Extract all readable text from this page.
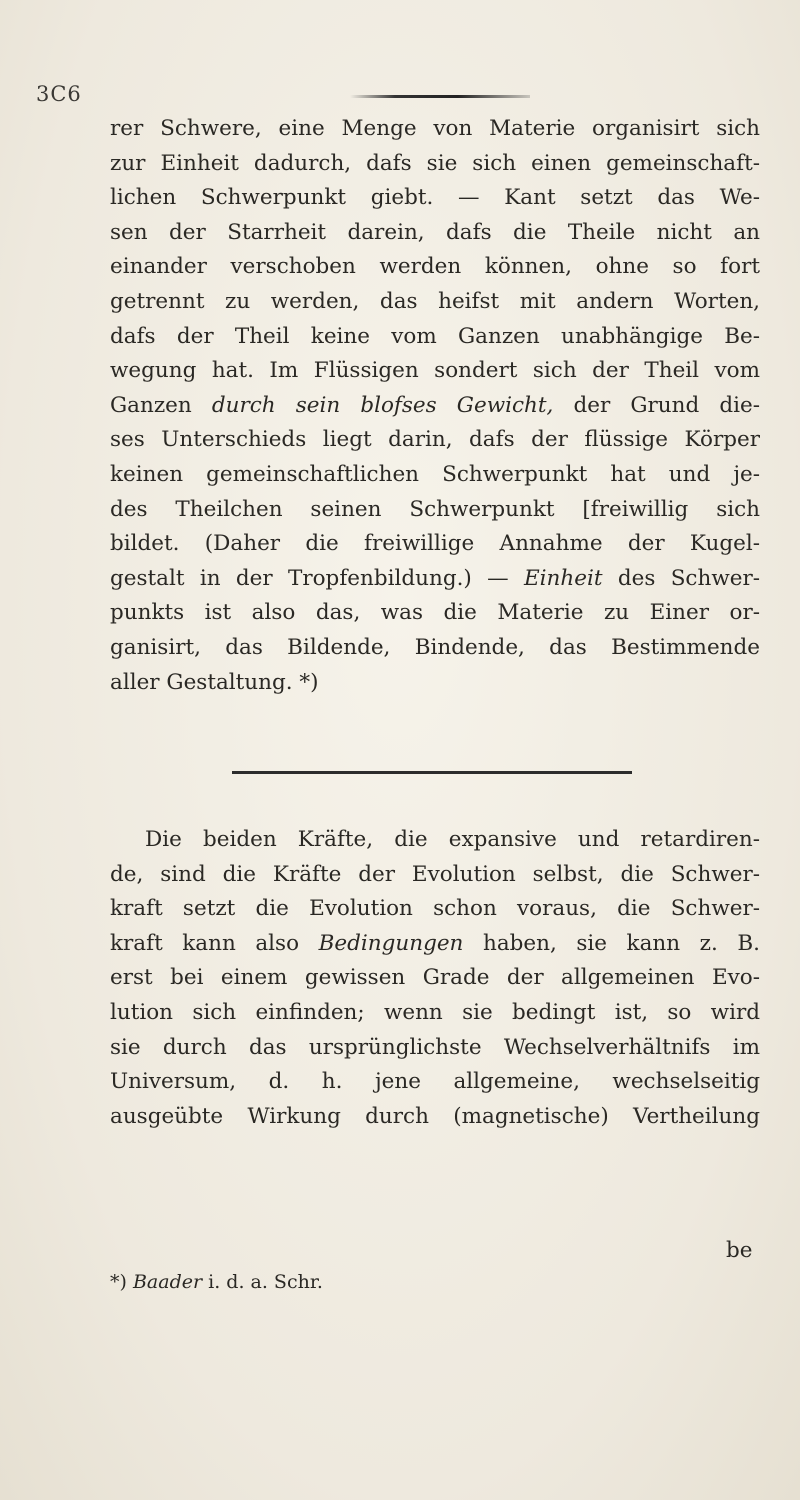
3С6
rer Schwere, eine Menge von Materie organisirt sich
zur Einheit dadurch, dafs sie sich einen gemeinschaft-
lichen Schwerpunkt giebt. — Kant setzt das We-
sen der Starrheit darein, dafs die Theile nicht an
einander verschoben werden können, ohne so fort
getrennt zu werden, das heifst mit andern Worten,
dafs der Theil keine vom Ganzen unabhängige Be-
wegung hat. Im Flüssigen sondert sich der Theil vom
Ganzen durch sein blofses Gewicht, der Grund die-
ses Unterschieds liegt darin, dafs der flüssige Körper
keinen gemeinschaftlichen Schwerpunkt hat und je-
des Theilchen seinen Schwerpunkt [freiwillig sich
bildet. (Daher die freiwillige Annahme der Kugel-
gestalt in der Tropfenbildung.) — Einheit des Schwer-
punkts ist also das, was die Materie zu Einer or-
ganisirt, das Bildende, Bindende, das Bestimmende
aller Gestaltung. *)
Die beiden Kräfte, die expansive und retardiren-
de, sind die Kräfte der Evolution selbst, die Schwer-
kraft setzt die Evolution schon voraus, die Schwer-
kraft kann also Bedingungen haben, sie kann z. B.
erst bei einem gewissen Grade der allgemeinen Evo-
lution sich einfinden; wenn sie bedingt ist, so wird
sie durch das ursprünglichste Wechselverhältnifs im
Universum, d. h. jene allgemeine, wechselseitig
ausgeübte Wirkung durch (magnetische) Vertheilung
be
*) Baader i. d. a. Schr.
